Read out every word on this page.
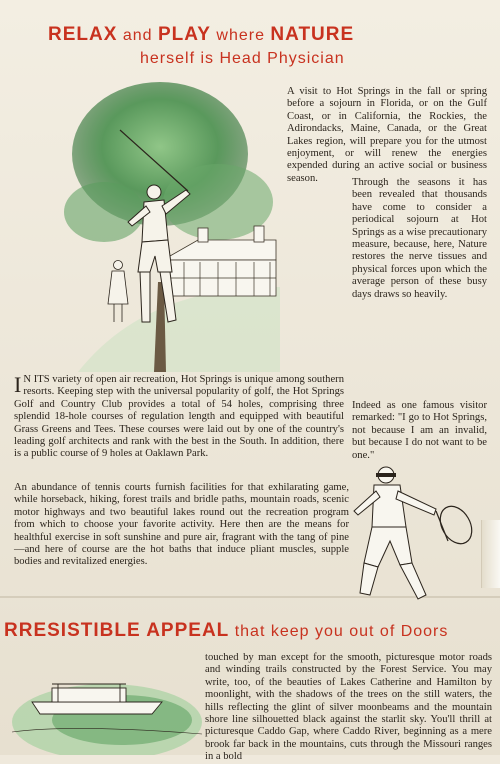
RELAX and PLAY where NATURE
herself is Head Physician
A visit to Hot Springs in the fall or spring before a sojourn in Florida, or on the Gulf Coast, or in California, the Rockies, the Adirondacks, Maine, Canada, or the Great Lakes region, will prepare you for the utmost enjoyment, or will renew the energies expended during an active social or business season.	Through the seasons it has been revealed that thousands have come to consider a periodical sojourn at Hot Springs as a wise precautionary measure, because, here, Nature restores the nerve tissues and physical forces upon which the average person of these busy days draws so heavily.
Indeed as one famous visitor remarked: "I go to Hot Springs, not because I am an invalid, but because I do not want to be one."
I N ITS variety of open air recreation, Hot Springs is unique among southern resorts. Keeping step with the universal popularity of golf, the Hot Springs Golf and Country Club provides a total of 54 holes, comprising three splendid 18-hole courses of regulation length and equipped with beautiful Grass Greens and Tees. These courses were laid out by one of the country's leading golf architects and rank with the best in the South. In addition, there is a public course of 9 holes at Oaklawn Park.
An abundance of tennis courts furnish facilities for that exhilarating game, while horseback, hiking, forest trails and bridle paths, mountain roads, scenic motor highways and two beautiful lakes round out the recreation program from which to choose your favorite activity. Here then are the means for healthful exercise in soft sunshine and pure air, fragrant with the tang of pine—and here of course are the hot baths that induce pliant muscles, supple bodies and revitalized energies.
RRESISTIBLE APPEAL that keep you out of Doors
touched by man except for the smooth, picturesque motor roads and winding trails constructed by the Forest Service. You may write, too, of the beauties of Lakes Catherine and Hamilton by moonlight, with the shadows of the trees on the still waters, the hills reflecting the glint of silver moonbeams and the mountain shore line silhouetted black against the starlit sky. You'll thrill at picturesque Caddo Gap, where Caddo River, beginning as a mere brook far back in the mountains, cuts through the Missouri ranges in a bold
